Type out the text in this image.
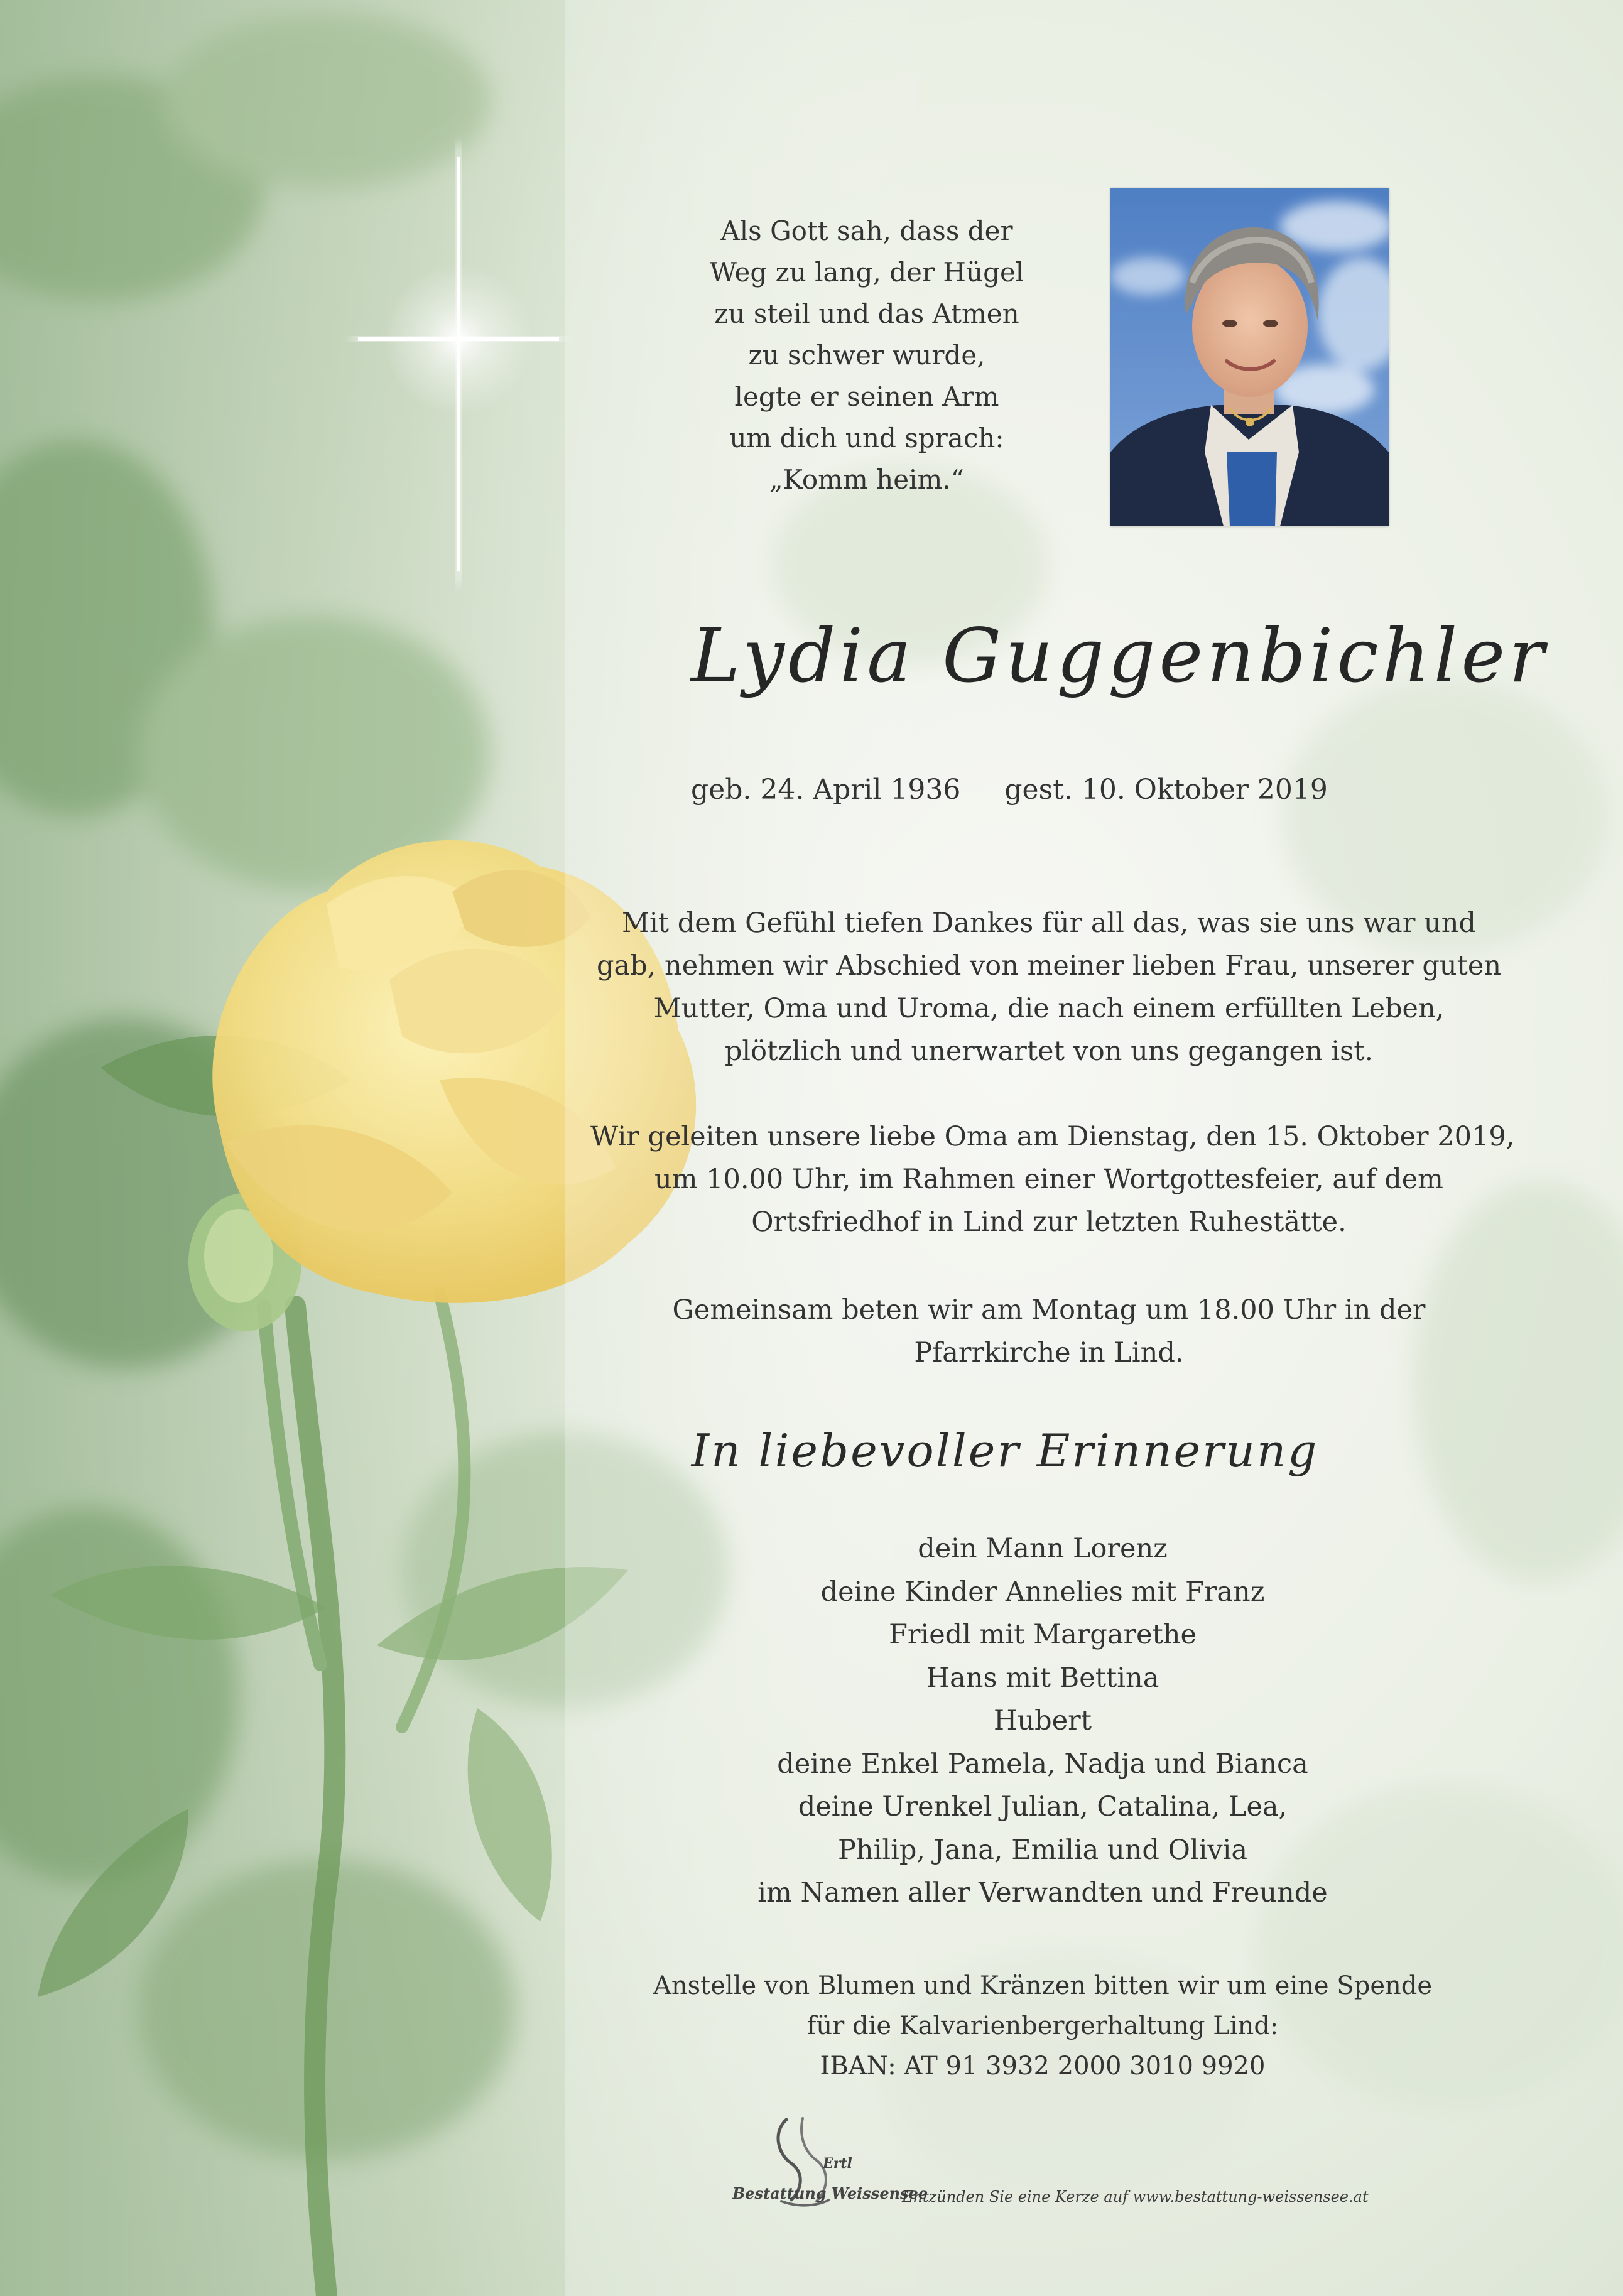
Als Gott sah, dass der
Weg zu lang, der Hügel
zu steil und das Atmen
zu schwer wurde,
legte er seinen Arm
um dich und sprach:
„Komm heim.“
Lydia Guggenbichler
geb. 24. April 1936 gest. 10. Oktober 2019
Mit dem Gefühl tiefen Dankes für all das, was sie uns war und
gab, nehmen wir Abschied von meiner lieben Frau, unserer guten
Mutter, Oma und Uroma, die nach einem erfüllten Leben,
plötzlich und unerwartet von uns gegangen ist.
Wir geleiten unsere liebe Oma am Dienstag, den 15. Oktober 2019,
um 10.00 Uhr, im Rahmen einer Wortgottesfeier, auf dem
Ortsfriedhof in Lind zur letzten Ruhestätte.
Gemeinsam beten wir am Montag um 18.00 Uhr in der
Pfarrkirche in Lind.
In liebevoller Erinnerung
dein Mann Lorenz
deine Kinder Annelies mit Franz
Friedl mit Margarethe
Hans mit Bettina
Hubert
deine Enkel Pamela, Nadja und Bianca
deine Urenkel Julian, Catalina, Lea,
Philip, Jana, Emilia und Olivia
im Namen aller Verwandten und Freunde
Anstelle von Blumen und Kränzen bitten wir um eine Spende
für die Kalvarienbergerhaltung Lind:
IBAN: AT 91 3932 2000 3010 9920
Ertl
Bestattung Weissensee
Entzünden Sie eine Kerze auf www.bestattung-weissensee.at
